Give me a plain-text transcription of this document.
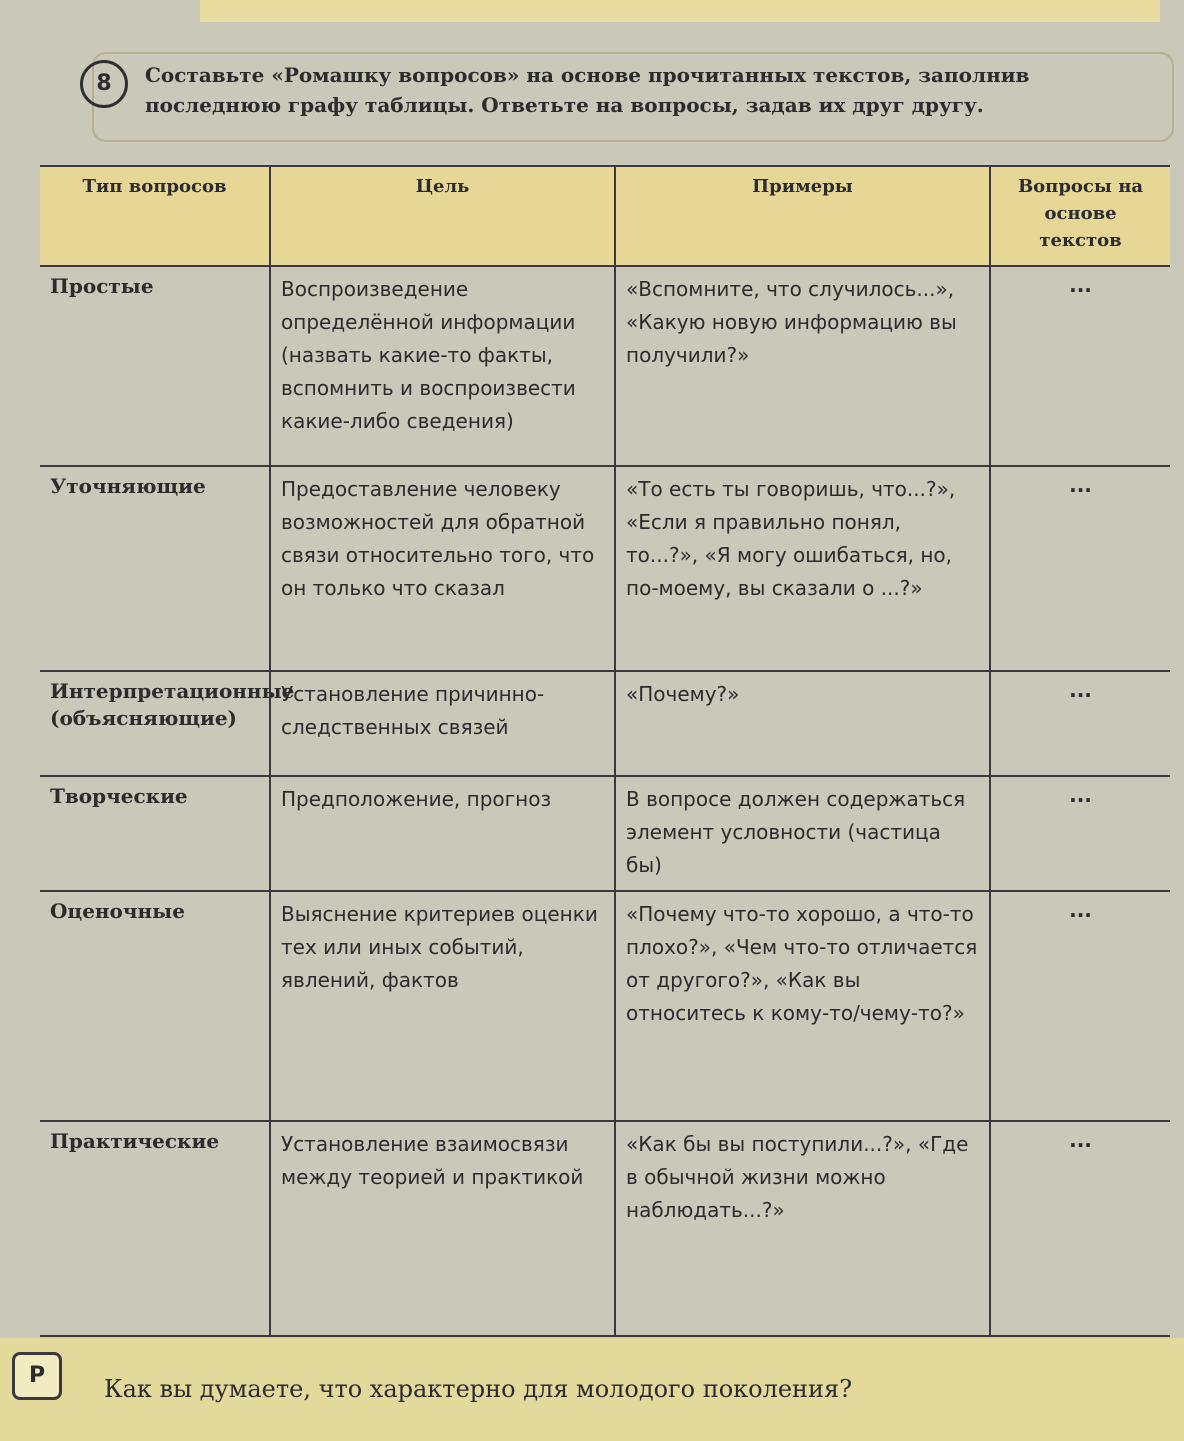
8	Составьте «Ромашку вопросов» на основе прочитанных текстов, заполнив
последнюю графу таблицы. Ответьте на вопросы, задав их друг другу.
Тип вопросов	Цель	Примеры	Вопросы на основе текстов
Простые	Воспроизведение определённой информации (назвать какие-то факты, вспомнить и воспроизвести какие-либо сведения)	«Вспомните, что случилось...», «Какую новую информацию вы получили?»	...
Уточняющие	Предоставление человеку возможностей для обратной связи относительно того, что он только что сказал	«То есть ты говоришь, что...?», «Если я правильно понял, то...?», «Я могу ошибаться, но, по-моему, вы сказали о ...?»	...
Интерпретационные (объясняющие)	Установление причинно-следственных связей	«Почему?»	...
Творческие	Предположение, прогноз	В вопросе должен содержаться элемент условности (частица бы)	...
Оценочные	Выяснение критериев оценки тех или иных событий, явлений, фактов	«Почему что-то хорошо, а что-то плохо?», «Чем что-то отличается от другого?», «Как вы относитесь к кому-то/чему-то?»	...
Практические	Установление взаимосвязи между теорией и практикой	«Как бы вы поступили...?», «Где в обычной жизни можно наблюдать...?»	...
P	Как вы думаете, что характерно для молодого поколения?
